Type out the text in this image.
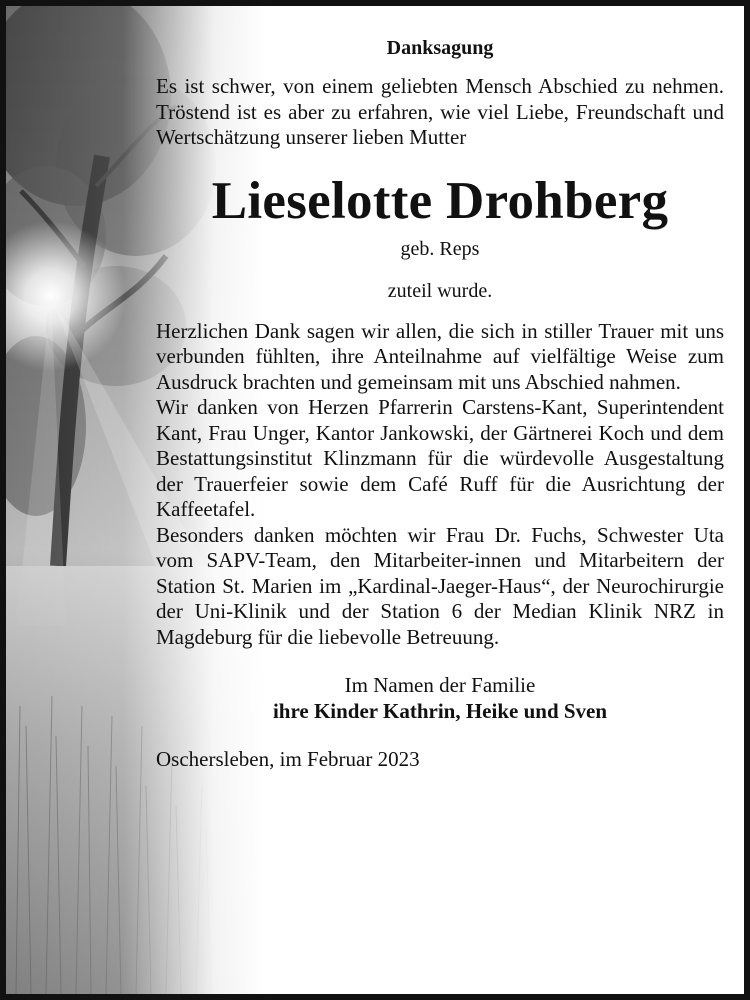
Danksagung

Es ist schwer, von einem geliebten Mensch Abschied zu nehmen. Tröstend ist es aber zu erfahren, wie viel Liebe, Freundschaft und Wertschätzung unserer lieben Mutter

Lieselotte Drohberg
geb. Reps
zuteil wurde.

Herzlichen Dank sagen wir allen, die sich in stiller Trauer mit uns verbunden fühlten, ihre Anteilnahme auf vielfältige Weise zum Ausdruck brachten und gemeinsam mit uns Abschied nahmen.

Wir danken von Herzen Pfarrerin Carstens-Kant, Superintendent Kant, Frau Unger, Kantor Jankowski, der Gärtnerei Koch und dem Bestattungsinstitut Klinzmann für die würdevolle Ausgestaltung der Trauerfeier sowie dem Café Ruff für die Ausrichtung der Kaffeetafel.

Besonders danken möchten wir Frau Dr. Fuchs, Schwester Uta vom SAPV-Team, den Mitarbeiter-innen und Mitarbeitern der Station St. Marien im „Kardinal-Jaeger-Haus“, der Neurochirurgie der Uni-Klinik und der Station 6 der Median Klinik NRZ in Magdeburg für die liebevolle Betreuung.

Im Namen der Familie
ihre Kinder Kathrin, Heike und Sven
Oschersleben, im Februar 2023
